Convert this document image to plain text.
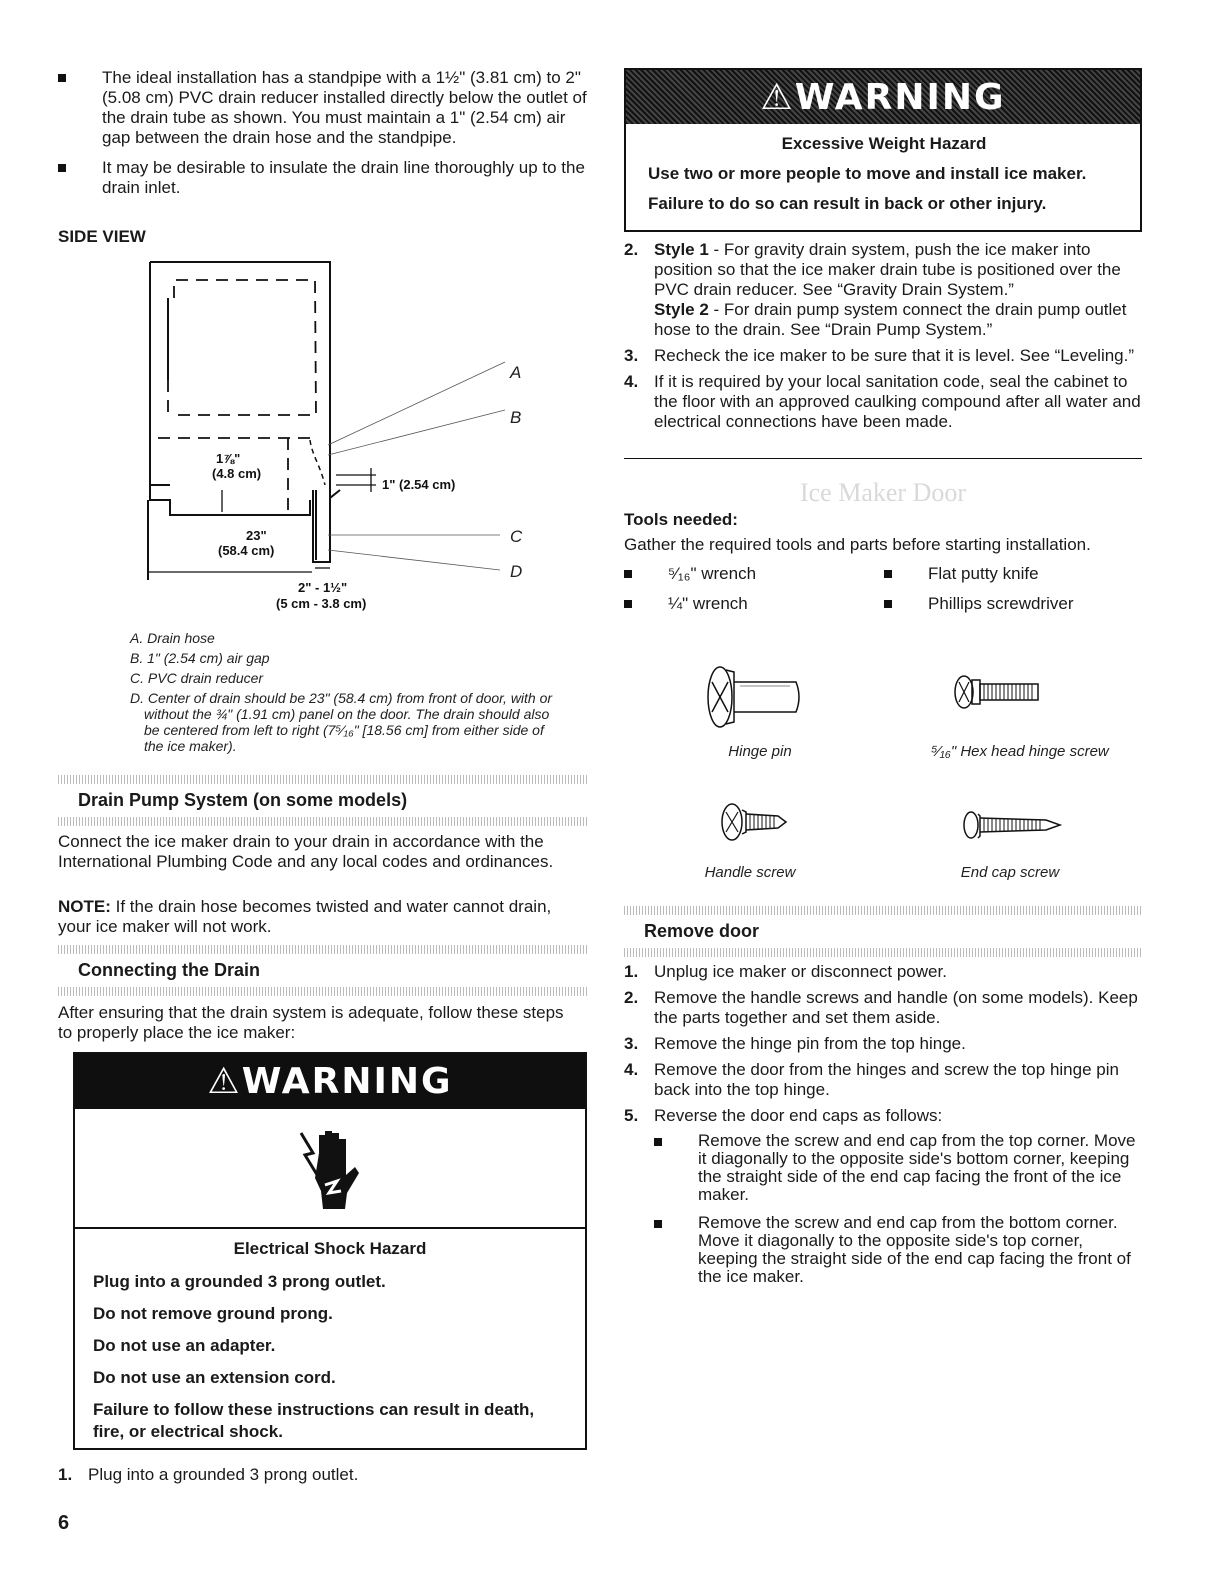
The ideal installation has a standpipe with a 1½" (3.81 cm) to 2" (5.08 cm) PVC drain reducer installed directly below the outlet of the drain tube as shown. You must maintain a 1" (2.54 cm) air gap between the drain hose and the standpipe.
It may be desirable to insulate the drain line thoroughly up to the drain inlet.
SIDE VIEW
1⅞"
(4.8 cm)
1" (2.54 cm)
23"
(58.4 cm)
2" - 1½"
(5 cm - 3.8 cm)
A
B
C
D
A. Drain hose
B. 1" (2.54 cm) air gap
C. PVC drain reducer
D. Center of drain should be 23" (58.4 cm) from front of door, with or without the ¾" (1.91 cm) panel on the door. The drain should also be centered from left to right (7⁵⁄₁₆" [18.56 cm] from either side of the ice maker).
Drain Pump System (on some models)
Connect the ice maker drain to your drain in accordance with the International Plumbing Code and any local codes and ordinances.
NOTE: If the drain hose becomes twisted and water cannot drain, your ice maker will not work.
Connecting the Drain
After ensuring that the drain system is adequate, follow these steps to properly place the ice maker:
⚠WARNING
Electrical Shock Hazard
Plug into a grounded 3 prong outlet.
Do not remove ground prong.
Do not use an adapter.
Do not use an extension cord.
Failure to follow these instructions can result in death, fire, or electrical shock.
1. Plug into a grounded 3 prong outlet.
6
⚠WARNING
Excessive Weight Hazard
Use two or more people to move and install ice maker.
Failure to do so can result in back or other injury.
2. Style 1 - For gravity drain system, push the ice maker into position so that the ice maker drain tube is positioned over the PVC drain reducer. See “Gravity Drain System.”
Style 2 - For drain pump system connect the drain pump outlet hose to the drain. See “Drain Pump System.”
3. Recheck the ice maker to be sure that it is level. See “Leveling.”
4. If it is required by your local sanitation code, seal the cabinet to the floor with an approved caulking compound after all water and electrical connections have been made.
Ice Maker Door
Tools needed:
Gather the required tools and parts before starting installation.
⁵⁄₁₆" wrench	Flat putty knife
¼" wrench	Phillips screwdriver
Hinge pin	⁵⁄₁₆" Hex head hinge screw
Handle screw	End cap screw
Remove door
1. Unplug ice maker or disconnect power.
2. Remove the handle screws and handle (on some models). Keep the parts together and set them aside.
3. Remove the hinge pin from the top hinge.
4. Remove the door from the hinges and screw the top hinge pin back into the top hinge.
5. Reverse the door end caps as follows:
Remove the screw and end cap from the top corner. Move it diagonally to the opposite side's bottom corner, keeping the straight side of the end cap facing the front of the ice maker.
Remove the screw and end cap from the bottom corner. Move it diagonally to the opposite side's top corner, keeping the straight side of the end cap facing the front of the ice maker.
